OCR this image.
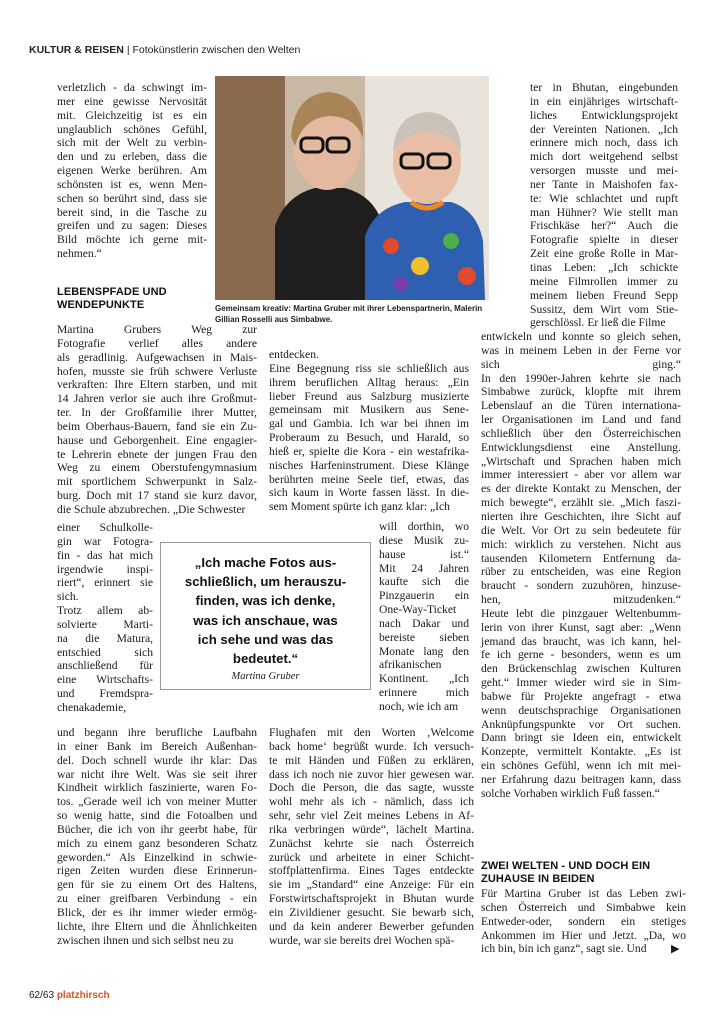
KULTUR & REISEN | Fotokünstlerin zwischen den Welten
verletzlich - da schwingt im-
mer eine gewisse Nervosität
mit. Gleichzeitig ist es ein
unglaublich schönes Gefühl,
sich mit der Welt zu verbin-
den und zu erleben, dass die
eigenen Werke berühren. Am
schönsten ist es, wenn Men-
schen so berührt sind, dass sie
bereit sind, in die Tasche zu
greifen und zu sagen: Dieses
Bild möchte ich gerne mit-
nehmen.“
LEBENSPFADE UND
WENDEPUNKTE
Martina Grubers Weg zur
Fotografie verlief alles andere
als geradlinig. Aufgewachsen in Mais-
hofen, musste sie früh schwere Verluste
verkraften: Ihre Eltern starben, und mit
14 Jahren verlor sie auch ihre Großmut-
ter. In der Großfamilie ihrer Mutter,
beim Oberhaus-Bauern, fand sie ein Zu-
hause und Geborgenheit. Eine engagier-
te Lehrerin ebnete der jungen Frau den
Weg zu einem Oberstufengymnasium
mit sportlichem Schwerpunkt in Salz-
burg. Doch mit 17 stand sie kurz davor,
die Schule abzubrechen. „Die Schwester
einer Schulkolle-
gin war Fotogra-
fin - das hat mich
irgendwie inspi-
riert“, erinnert sie
sich.
Trotz allem ab-
solvierte Marti-
na die Matura,
entschied sich
anschließend für
eine Wirtschafts-
und Fremdspra-
chenakademie,
und begann ihre berufliche Laufbahn
in einer Bank im Bereich Außenhan-
del. Doch schnell wurde ihr klar: Das
war nicht ihre Welt. Was sie seit ihrer
Kindheit wirklich faszinierte, waren Fo-
tos. „Gerade weil ich von meiner Mutter
so wenig hatte, sind die Fotoalben und
Bücher, die ich von ihr geerbt habe, für
mich zu einem ganz besonderen Schatz
geworden.“ Als Einzelkind in schwie-
rigen Zeiten wurden diese Erinnerun-
gen für sie zu einem Ort des Haltens,
zu einer greifbaren Verbindung - ein
Blick, der es ihr immer wieder ermög-
lichte, ihre Eltern und die Ähnlichkeiten
zwischen ihnen und sich selbst neu zu
Gemeinsam kreativ: Martina Gruber mit ihrer Lebenspartnerin, Malerin Gillian Rosselli aus Simbabwe.
„Ich mache Fotos aus-
schließlich, um herauszu-
finden, was ich denke,
was ich anschaue, was
ich sehe und was das
bedeutet.“
Martina Gruber
entdecken.
Eine Begegnung riss sie schließlich aus
ihrem beruflichen Alltag heraus: „Ein
lieber Freund aus Salzburg musizierte
gemeinsam mit Musikern aus Sene-
gal und Gambia. Ich war bei ihnen im
Proberaum zu Besuch, und Harald, so
hieß er, spielte die Kora - ein westafrika-
nisches Harfeninstrument. Diese Klänge
berührten meine Seele tief, etwas, das
sich kaum in Worte fassen lässt. In die-
sem Moment spürte ich ganz klar: „Ich
will dorthin, wo
diese Musik zu-
hause ist.“
Mit 24 Jahren
kaufte sich die
Pinzgauerin ein
One-Way-Ticket
nach Dakar und
bereiste sieben
Monate lang den
afrikanischen
Kontinent. „Ich
erinnere mich
noch, wie ich am
Flughafen mit den Worten ‚Welcome
back home‘ begrüßt wurde. Ich versuch-
te mit Händen und Füßen zu erklären,
dass ich noch nie zuvor hier gewesen war.
Doch die Person, die das sagte, wusste
wohl mehr als ich - nämlich, dass ich
sehr, sehr viel Zeit meines Lebens in Af-
rika verbringen würde“, lächelt Martina.
Zunächst kehrte sie nach Österreich
zurück und arbeitete in einer Schicht-
stoffplattenfirma. Eines Tages entdeckte
sie im „Standard“ eine Anzeige: Für ein
Forstwirtschaftsprojekt in Bhutan wurde
ein Zivildiener gesucht. Sie bewarb sich,
und da kein anderer Bewerber gefunden
wurde, war sie bereits drei Wochen spä-
ter in Bhutan, eingebunden
in ein einjähriges wirtschaft-
liches Entwicklungsprojekt
der Vereinten Nationen. „Ich
erinnere mich noch, dass ich
mich dort weitgehend selbst
versorgen musste und mei-
ner Tante in Maishofen fax-
te: Wie schlachtet und rupft
man Hühner? Wie stellt man
Frischkäse her?“ Auch die
Fotografie spielte in dieser
Zeit eine große Rolle in Mar-
tinas Leben: „Ich schickte
meine Filmrollen immer zu
meinem lieben Freund Sepp
Sussitz, dem Wirt vom Stie-
gerschlössl. Er ließ die Filme
entwickeln und konnte so gleich sehen,
was in meinem Leben in der Ferne vor
sich ging.“
In den 1990er-Jahren kehrte sie nach
Simbabwe zurück, klopfte mit ihrem
Lebenslauf an die Türen internationa-
ler Organisationen im Land und fand
schließlich über den Österreichischen
Entwicklungsdienst eine Anstellung.
„Wirtschaft und Sprachen haben mich
immer interessiert - aber vor allem war
es der direkte Kontakt zu Menschen, der
mich bewegte“, erzählt sie. „Mich faszi-
nierten ihre Geschichten, ihre Sicht auf
die Welt. Vor Ort zu sein bedeutete für
mich: wirklich zu verstehen. Nicht aus
tausenden Kilometern Entfernung da-
rüber zu entscheiden, was eine Region
braucht - sondern zuzuhören, hinzuse-
hen, mitzudenken.“
Heute lebt die pinzgauer Weltenbumm-
lerin von ihrer Kunst, sagt aber: „Wenn
jemand das braucht, was ich kann, hel-
fe ich gerne - besonders, wenn es um
den Brückenschlag zwischen Kulturen
geht.“ Immer wieder wird sie in Sim-
babwe für Projekte angefragt - etwa
wenn deutschsprachige Organisationen
Anknüpfungspunkte vor Ort suchen.
Dann bringt sie Ideen ein, entwickelt
Konzepte, vermittelt Kontakte. „Es ist
ein schönes Gefühl, wenn ich mit mei-
ner Erfahrung dazu beitragen kann, dass
solche Vorhaben wirklich Fuß fassen.“
ZWEI WELTEN - UND DOCH EIN
ZUHAUSE IN BEIDEN
Für Martina Gruber ist das Leben zwi-
schen Österreich und Simbabwe kein
Entweder-oder, sondern ein stetiges
Ankommen im Hier und Jetzt. „Da, wo
ich bin, bin ich ganz“, sagt sie. Und	▶
62/63 platzhirsch
